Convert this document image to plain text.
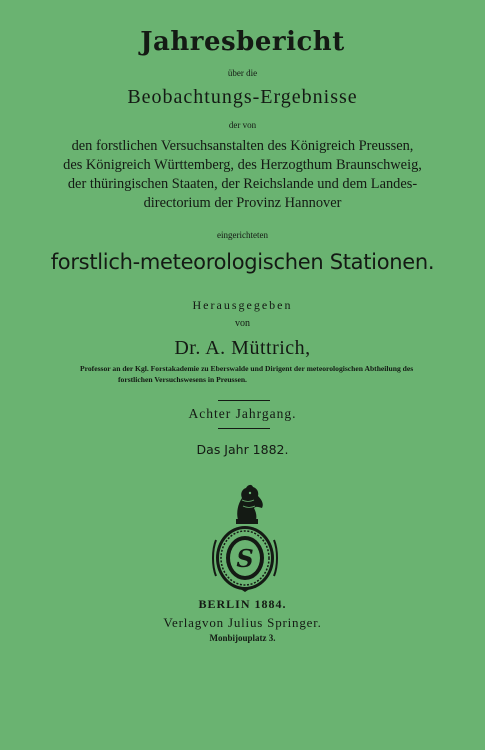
Jahresbericht

über die

Beobachtungs-Ergebnisse

der von

den forstlichen Versuchsanstalten des Königreich Preussen,
des Königreich Württemberg, des Herzogthum Braunschweig,
der thüringischen Staaten, der Reichslande und dem Landes-
directorium der Provinz Hannover

eingerichteten

forstlich-meteorologischen Stationen.

Herausgegeben

von

Dr. A. Müttrich,

Professor an der Kgl. Forstakademie zu Eberswalde und Dirigent der meteorologischen Abtheilung des
forstlichen Versuchswesens in Preussen.

Achter Jahrgang.

Das Jahr 1882.

S

BERLIN 1884.

Verlagvon Julius Springer.

Monbijouplatz 3.
